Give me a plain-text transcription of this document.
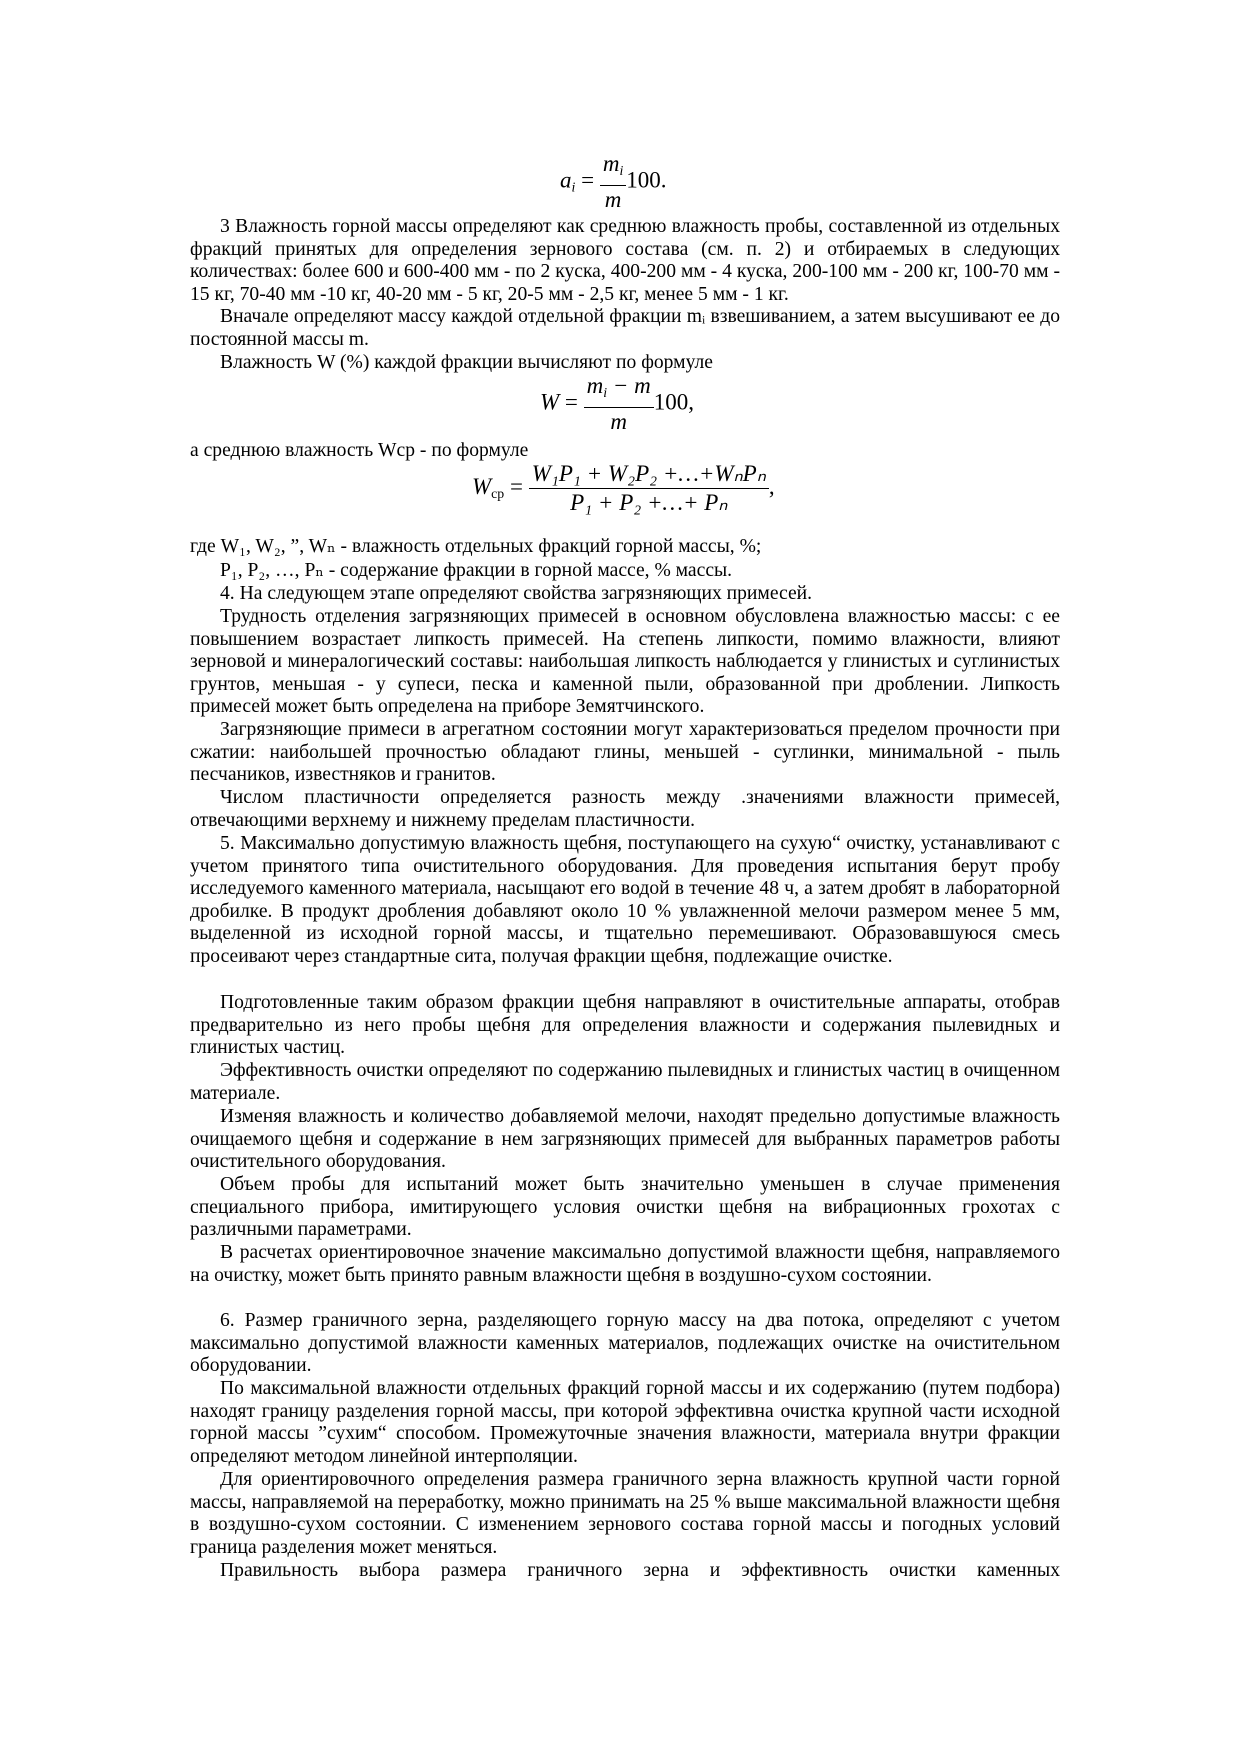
$a_i = \frac{m_i}{m} 100$.

3 Влажность горной массы определяют как среднюю влажность пробы, составленной из отдельных фракций принятых для определения зернового состава (см. п. 2) и отбираемых в следующих количествах: более 600 и 600-400 мм - по 2 куска, 400-200 мм - 4 куска, 200-100 мм - 200 кг, 100-70 мм - 15 кг, 70-40 мм -10 кг, 40-20 мм - 5 кг, 20-5 мм - 2,5 кг, менее 5 мм - 1 кг.

Вначале определяют массу каждой отдельной фракции mᵢ взвешиванием, а затем высушивают ее до постоянной массы m.

Влажность W (%) каждой фракции вычисляют по формуле

$W = \frac{m_i - m}{m} 100$,

а среднюю влажность Wср - по формуле

$W_{ср} = \frac{\text{W₁P₁ + W₂P₂ +…+WₙPₙ}}{\text{P₁ + P₂ +…+ Pₙ}}$ ,

где W₁, W₂, ”, Wₙ - влажность отдельных фракций горной массы, %;

P₁, P₂, …, Pₙ - содержание фракции в горной массе, % массы.

4. На следующем этапе определяют свойства загрязняющих примесей.

Трудность отделения загрязняющих примесей в основном обусловлена влажностью массы: с ее повышением возрастает липкость примесей. На степень липкости, помимо влажности, влияют зерновой и минералогический составы: наибольшая липкость наблюдается у глинистых и суглинистых грунтов, меньшая - у супеси, песка и каменной пыли, образованной при дроблении. Липкость примесей может быть определена на приборе Земятчинского.

Загрязняющие примеси в агрегатном состоянии могут характеризоваться пределом прочности при сжатии: наибольшей прочностью обладают глины, меньшей - суглинки, минимальной - пыль песчаников, известняков и гранитов.

Числом пластичности определяется разность между .значениями влажности примесей, отвечающими верхнему и нижнему пределам пластичности.

5. Максимально допустимую влажность щебня, поступающего на сухую“ очистку, устанавливают с учетом принятого типа очистительного оборудования. Для проведения испытания берут пробу исследуемого каменного материала, насыщают его водой в течение 48 ч, а затем дробят в лабораторной дробилке. В продукт дробления добавляют около 10 % увлажненной мелочи размером менее 5 мм, выделенной из исходной горной массы, и тщательно перемешивают. Образовавшуюся смесь просеивают через стандартные сита, получая фракции щебня, подлежащие очистке.

Подготовленные таким образом фракции щебня направляют в очистительные аппараты, отобрав предварительно из него пробы щебня для определения влажности и содержания пылевидных и глинистых частиц.

Эффективность очистки определяют по содержанию пылевидных и глинистых частиц в очищенном материале.

Изменяя влажность и количество добавляемой мелочи, находят предельно допустимые влажность очищаемого щебня и содержание в нем загрязняющих примесей для выбранных параметров работы очистительного оборудования.

Объем пробы для испытаний может быть значительно уменьшен в случае применения специального прибора, имитирующего условия очистки щебня на вибрационных грохотах с различными параметрами.

В расчетах ориентировочное значение максимально допустимой влажности щебня, направляемого на очистку, может быть принято равным влажности щебня в воздушно-сухом состоянии.

6. Размер граничного зерна, разделяющего горную массу на два потока, определяют с учетом максимально допустимой влажности каменных материалов, подлежащих очистке на очистительном оборудовании.

По максимальной влажности отдельных фракций горной массы и их содержанию (путем подбора) находят границу разделения горной массы, при которой эффективна очистка крупной части исходной горной массы ”сухим“ способом. Промежуточные значения влажности, материала внутри фракции определяют методом линейной интерполяции.

Для ориентировочного определения размера граничного зерна влажность крупной части горной массы, направляемой на переработку, можно принимать на 25 % выше максимальной влажности щебня в воздушно-сухом состоянии. С изменением зернового состава горной массы и погодных условий граница разделения может меняться.

Правильность выбора размера граничного зерна и эффективность очистки каменных
